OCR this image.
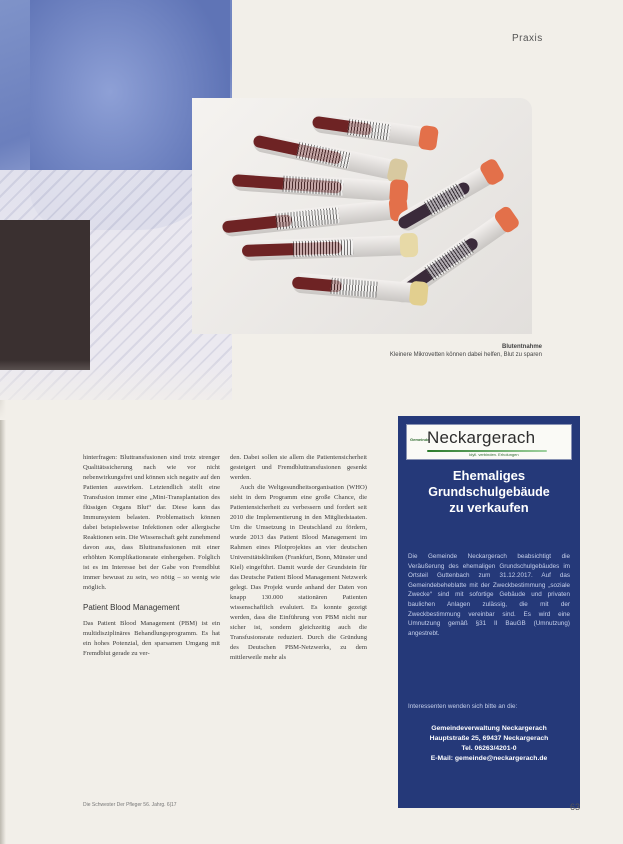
Praxis
Blutentnahme
Kleinere Mikrovetten können dabei helfen, Blut zu sparen

hinterfragen: Bluttransfusionen sind trotz strenger Qualitätssicherung nach wie vor nicht nebenwirkungsfrei und können sich negativ auf den Patienten auswirken. Letztendlich stellt eine Transfusion immer eine „Mini-Transplantation des flüssigen Organs Blut“ dar. Diese kann das Immunsystem belasten. Problematisch können dabei beispielsweise Infektionen oder allergische Reaktionen sein. Die Wissenschaft geht zunehmend davon aus, dass Bluttransfusionen mit einer erhöhten Komplikationsrate einhergehen. Folglich ist es im Interesse bei der Gabe von Fremdblut immer bewusst zu sein, wo nötig – so wenig wie möglich.

Patient Blood Management

Das Patient Blood Management (PBM) ist ein multidisziplinäres Behandlungsprogramm. Es hat ein hohes Potenzial, den sparsamen Umgang mit Fremdblut gerade zu ver-

den. Dabei sollen sie allem die Patientensicherheit gesteigert und Fremdbluttransfusionen gesenkt werden.

Auch die Weltgesundheitsorganisation (WHO) sieht in dem Programm eine große Chance, die Patientensicherheit zu verbessern und fordert seit 2010 die Implementierung in den Mitgliedstaaten. Um die Umsetzung in Deutschland zu fördern, wurde 2013 das Patient Blood Management im Rahmen eines Pilotprojektes an vier deutschen Universitätskliniken (Frankfurt, Bonn, Münster und Kiel) eingeführt. Damit wurde der Grundstein für das Deutsche Patient Blood Management Netzwerk gelegt. Das Projekt wurde anhand der Daten von knapp 130.000 stationären Patienten wissenschaftlich evaluiert. Es konnte gezeigt werden, dass die Einführung von PBM nicht nur sicher ist, sondern gleichzeitig auch die Transfusionsrate reduziert. Durch die Gründung des Deutschen PBM-Netzwerks, zu dem mittlerweile mehr als

Gemeinde
Neckargerach
Idyll. verbinden. Erholungen
Ehemaliges
Grundschulgebäude
zu verkaufen
Die Gemeinde Neckargerach beabsichtigt die Veräußerung des ehemaligen Grundschulgebäudes im Ortsteil Guttenbach zum 31.12.2017. Auf das Gemeindebeheblatte mit der Zweckbestimmung „soziale Zwecke“ sind mit sofortige Gebäude und privaten baulichen Anlagen zulässig, die mit der Zweckbestimmung vereinbar sind. Es wird eine Umnutzung gemäß §31 II BauGB (Umnutzung) angestrebt.
Interessenten wenden sich bitte an die:
Gemeindeverwaltung Neckargerach
Hauptstraße 25, 69437 Neckargerach
Tel. 06263/4201-0
E-Mail: gemeinde@neckargerach.de
Die Schwester Der Pfleger 56. Jahrg. 6|17	63
